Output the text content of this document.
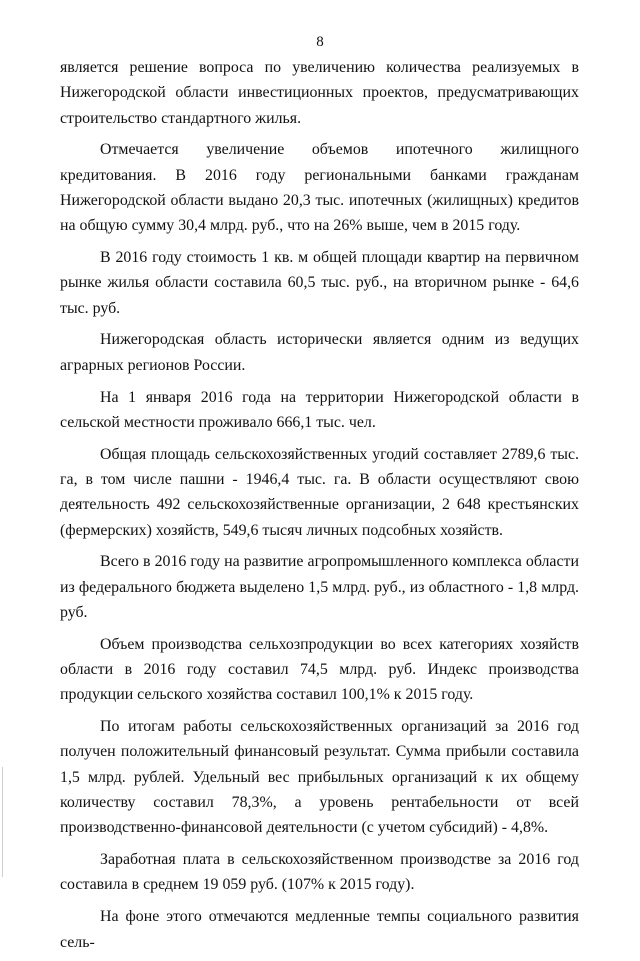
8

является решение вопроса по увеличению количества реализуемых в Нижегородской области инвестиционных проектов, предусматривающих строительство стандартного жилья.

Отмечается увеличение объемов ипотечного жилищного кредитования. В 2016 году региональными банками гражданам Нижегородской области выдано 20,3 тыс. ипотечных (жилищных) кредитов на общую сумму 30,4 млрд. руб., что на 26% выше, чем в 2015 году.

В 2016 году стоимость 1 кв. м общей площади квартир на первичном рынке жилья области составила 60,5 тыс. руб., на вторичном рынке - 64,6 тыс. руб.

Нижегородская область исторически является одним из ведущих аграрных регионов России.

На 1 января 2016 года на территории Нижегородской области в сельской местности проживало 666,1 тыс. чел.

Общая площадь сельскохозяйственных угодий составляет 2789,6 тыс. га, в том числе пашни - 1946,4 тыс. га. В области осуществляют свою деятельность 492 сельскохозяйственные организации, 2 648 крестьянских (фермерских) хозяйств, 549,6 тысяч личных подсобных хозяйств.

Всего в 2016 году на развитие агропромышленного комплекса области из федерального бюджета выделено 1,5 млрд. руб., из областного - 1,8 млрд. руб.

Объем производства сельхозпродукции во всех категориях хозяйств области в 2016 году составил 74,5 млрд. руб. Индекс производства продукции сельского хозяйства составил 100,1% к 2015 году.

По итогам работы сельскохозяйственных организаций за 2016 год получен положительный финансовый результат. Сумма прибыли составила 1,5 млрд. рублей. Удельный вес прибыльных организаций к их общему количеству составил 78,3%, а уровень рентабельности от всей производственно-финансовой деятельности (с учетом субсидий) - 4,8%.

Заработная плата в сельскохозяйственном производстве за 2016 год составила в среднем 19 059 руб. (107% к 2015 году).

На фоне этого отмечаются медленные темпы социального развития сель-
